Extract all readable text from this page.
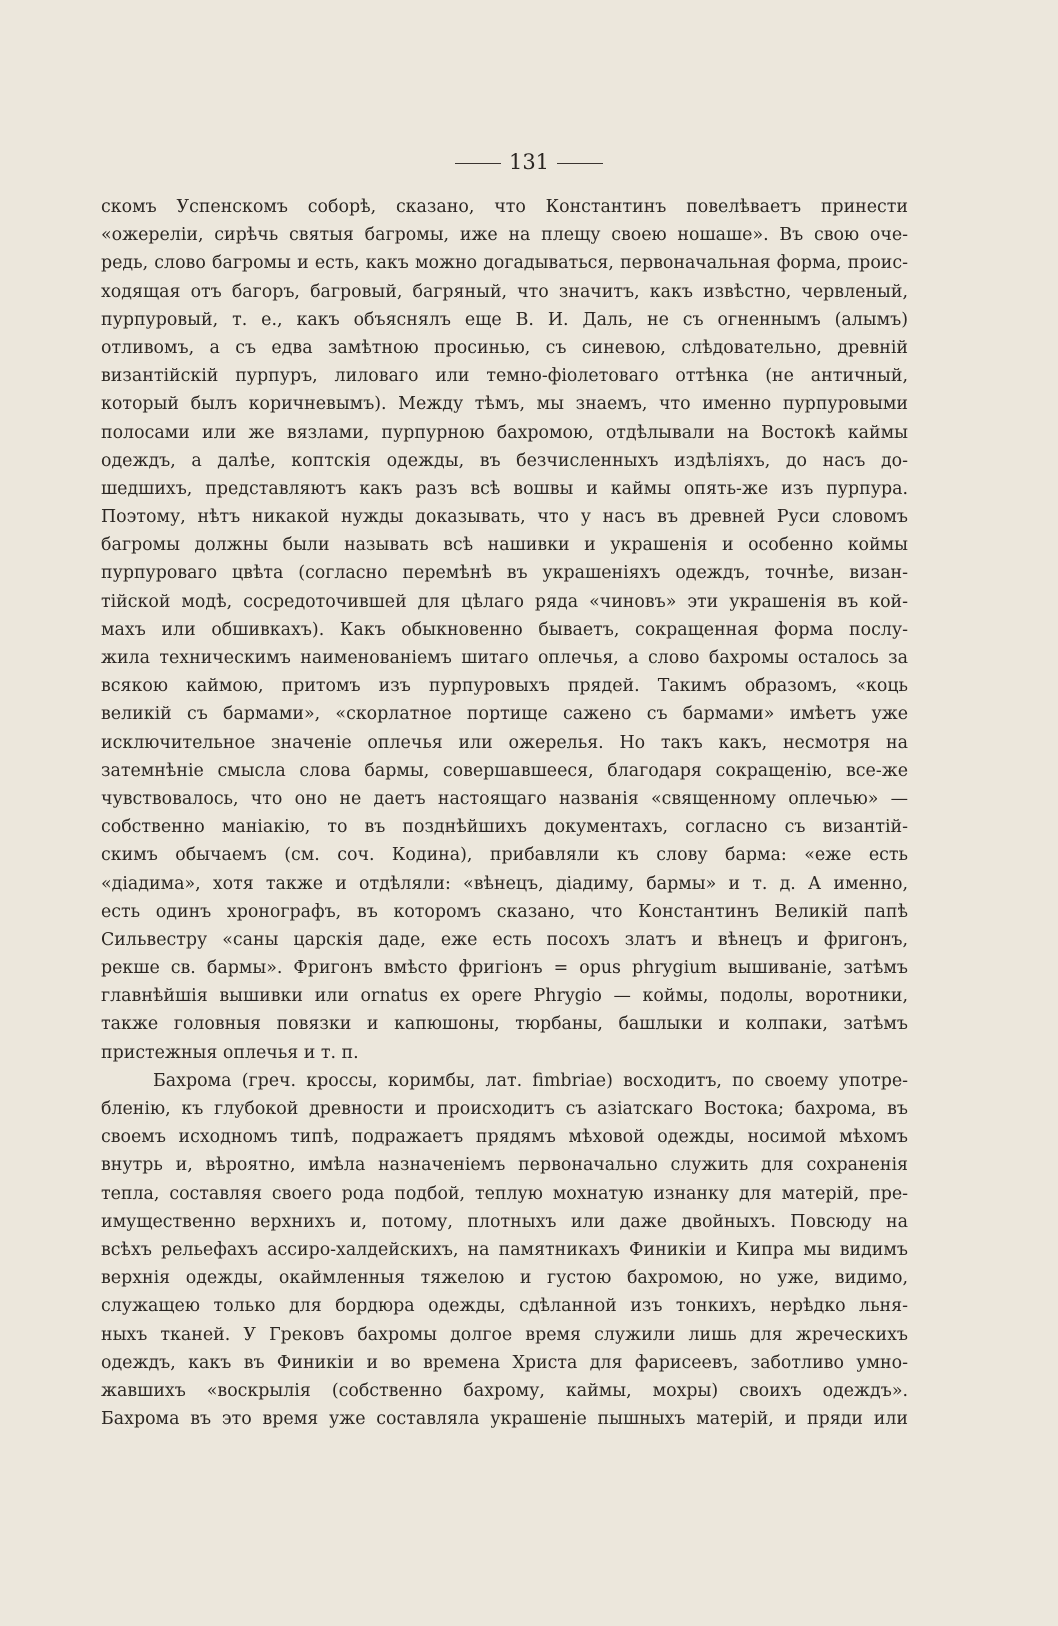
131
скомъ Успенскомъ соборѣ, сказано, что Константинъ повелѣваетъ принести
«ожереліи, сирѣчь святыя багромы, иже на плещу своею ношаше». Въ свою оче-
редь, слово багромы и есть, какъ можно догадываться, первоначальная форма, проис-
ходящая отъ багоръ, багровый, багряный, что значитъ, какъ извѣстно, червленый,
пурпуровый, т. е., какъ объяснялъ еще В. И. Даль, не съ огненнымъ (алымъ)
отливомъ, а съ едва замѣтною просинью, съ синевою, слѣдовательно, древній
византійскій пурпуръ, лиловаго или темно-фіолетоваго оттѣнка (не античный,
который былъ коричневымъ). Между тѣмъ, мы знаемъ, что именно пурпуровыми
полосами или же вязлами, пурпурною бахромою, отдѣлывали на Востокѣ каймы
одеждъ, а далѣе, коптскія одежды, въ безчисленныхъ издѣліяхъ, до насъ до-
шедшихъ, представляютъ какъ разъ всѣ вошвы и каймы опять-же изъ пурпура.
Поэтому, нѣтъ никакой нужды доказывать, что у насъ въ древней Руси словомъ
багромы должны были называть всѣ нашивки и украшенія и особенно коймы
пурпуроваго цвѣта (согласно перемѣнѣ въ украшеніяхъ одеждъ, точнѣе, визан-
тійской модѣ, сосредоточившей для цѣлаго ряда «чиновъ» эти украшенія въ кой-
махъ или обшивкахъ). Какъ обыкновенно бываетъ, сокращенная форма послу-
жила техническимъ наименованіемъ шитаго оплечья, а слово бахромы осталось за
всякою каймою, притомъ изъ пурпуровыхъ прядей. Такимъ образомъ, «коць
великій съ бармами», «скорлатное портище сажено съ бармами» имѣетъ уже
исключительное значеніе оплечья или ожерелья. Но такъ какъ, несмотря на
затемнѣніе смысла слова бармы, совершавшееся, благодаря сокращенію, все-же
чувствовалось, что оно не даетъ настоящаго названія «священному оплечью» —
собственно маніакію, то въ позднѣйшихъ документахъ, согласно съ византій-
скимъ обычаемъ (см. соч. Кодина), прибавляли къ слову барма: «еже есть
«діадима», хотя также и отдѣляли: «вѣнецъ, діадиму, бармы» и т. д. А именно,
есть одинъ хронографъ, въ которомъ сказано, что Константинъ Великій папѣ
Сильвестру «саны царскія даде, еже есть посохъ златъ и вѣнецъ и фригонъ,
рекше св. бармы». Фригонъ вмѣсто фригіонъ = opus phrygium вышиваніе, затѣмъ
главнѣйшія вышивки или ornatus ex opere Phrygio — коймы, подолы, воротники,
также головныя повязки и капюшоны, тюрбаны, башлыки и колпаки, затѣмъ
пристежныя оплечья и т. п.
Бахрома (греч. кроссы, коримбы, лат. fimbriae) восходитъ, по своему употре-
бленію, къ глубокой древности и происходитъ съ азіатскаго Востока; бахрома, въ
своемъ исходномъ типѣ, подражаетъ прядямъ мѣховой одежды, носимой мѣхомъ
внутрь и, вѣроятно, имѣла назначеніемъ первоначально служить для сохраненія
тепла, составляя своего рода подбой, теплую мохнатую изнанку для матерій, пре-
имущественно верхнихъ и, потому, плотныхъ или даже двойныхъ. Повсюду на
всѣхъ рельефахъ ассиро-халдейскихъ, на памятникахъ Финикіи и Кипра мы видимъ
верхнія одежды, окаймленныя тяжелою и густою бахромою, но уже, видимо,
служащею только для бордюра одежды, сдѣланной изъ тонкихъ, нерѣдко льня-
ныхъ тканей. У Грековъ бахромы долгое время служили лишь для жреческихъ
одеждъ, какъ въ Финикіи и во времена Христа для фарисеевъ, заботливо умно-
жавшихъ «воскрылія (собственно бахрому, каймы, мохры) своихъ одеждъ».
Бахрома въ это время уже составляла украшеніе пышныхъ матерій, и пряди или
